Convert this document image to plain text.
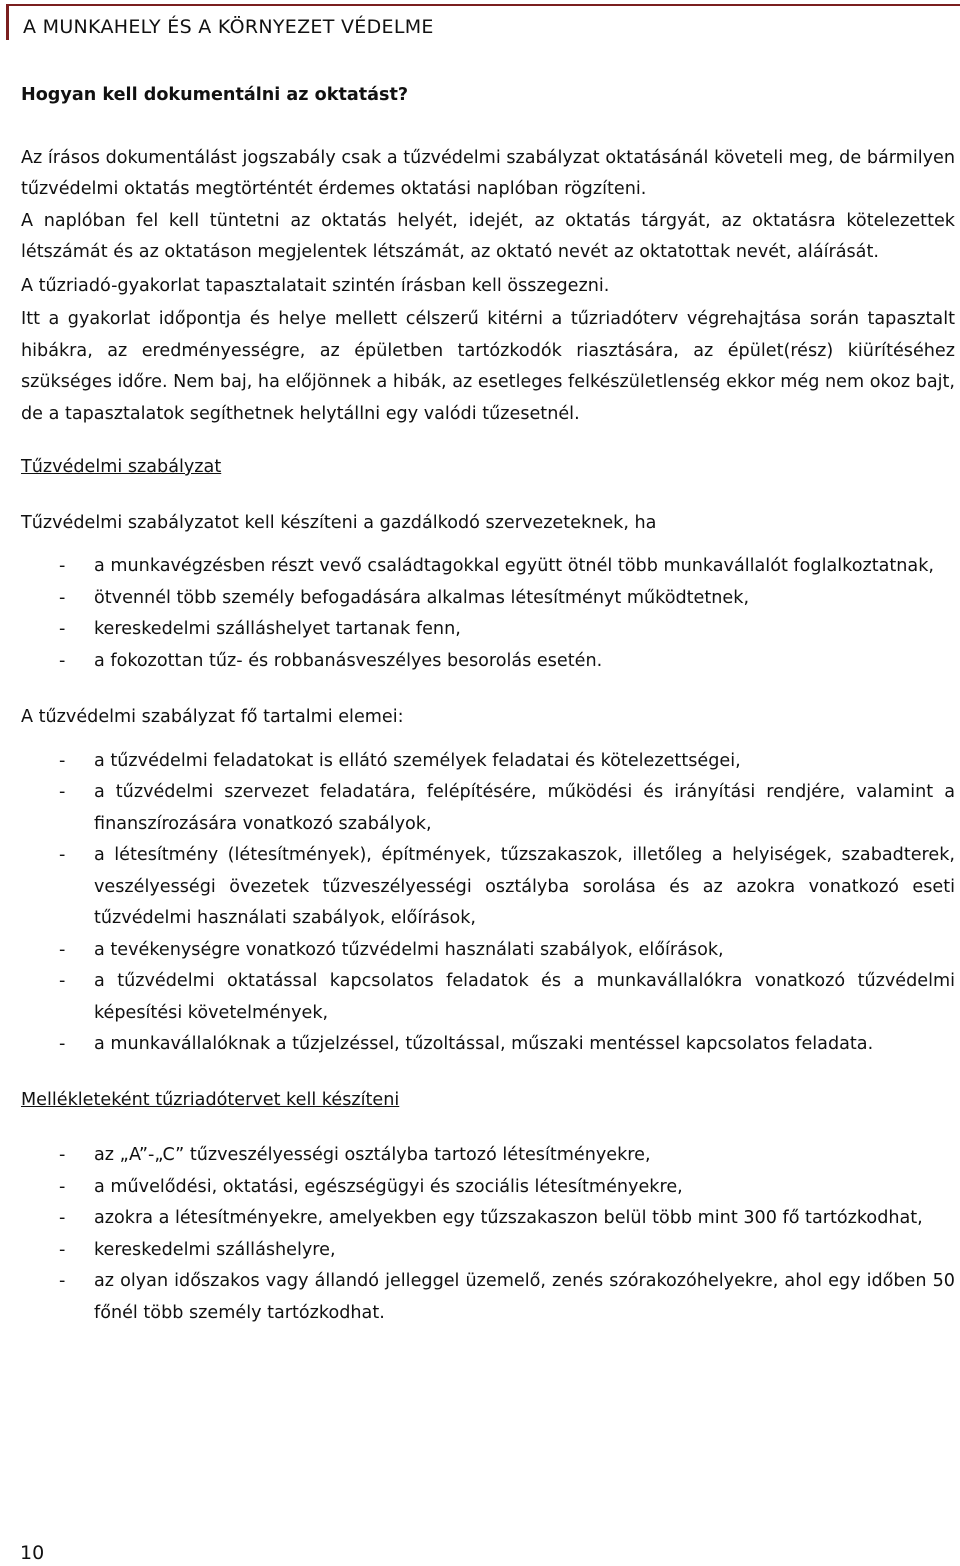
A MUNKAHELY ÉS A KÖRNYEZET VÉDELME

Hogyan kell dokumentálni az oktatást?

Az írásos dokumentálást jogszabály csak a tűzvédelmi szabályzat oktatásánál követeli meg, de bármilyen tűzvédelmi oktatás megtörténtét érdemes oktatási naplóban rögzíteni.

A naplóban fel kell tüntetni az oktatás helyét, idejét, az oktatás tárgyát, az oktatásra kötelezettek létszámát és az oktatáson megjelentek létszámát, az oktató nevét az oktatottak nevét, aláírását.

A tűzriadó-gyakorlat tapasztalatait szintén írásban kell összegezni.

Itt a gyakorlat időpontja és helye mellett célszerű kitérni a tűzriadóterv végrehajtása során tapasztalt hibákra, az eredményességre, az épületben tartózkodók riasztására, az épület(rész) kiürítéséhez szükséges időre. Nem baj, ha előjönnek a hibák, az esetleges felkészületlenség ekkor még nem okoz bajt, de a tapasztalatok segíthetnek helytállni egy valódi tűzesetnél.

Tűzvédelmi szabályzat

Tűzvédelmi szabályzatot kell készíteni a gazdálkodó szervezeteknek, ha

- a munkavégzésben részt vevő családtagokkal együtt ötnél több munkavállalót foglalkoztatnak,
- ötvennél több személy befogadására alkalmas létesítményt működtetnek,
- kereskedelmi szálláshelyet tartanak fenn,
- a fokozottan tűz- és robbanásveszélyes besorolás esetén.

A tűzvédelmi szabályzat fő tartalmi elemei:

- a tűzvédelmi feladatokat is ellátó személyek feladatai és kötelezettségei,
- a tűzvédelmi szervezet feladatára, felépítésére, működési és irányítási rendjére, valamint a finanszírozására vonatkozó szabályok,
- a létesítmény (létesítmények), építmények, tűzszakaszok, illetőleg a helyiségek, szabadterek, veszélyességi övezetek tűzveszélyességi osztályba sorolása és az azokra vonatkozó eseti tűzvédelmi használati szabályok, előírások,
- a tevékenységre vonatkozó tűzvédelmi használati szabályok, előírások,
- a tűzvédelmi oktatással kapcsolatos feladatok és a munkavállalókra vonatkozó tűzvédelmi képesítési követelmények,
- a munkavállalóknak a tűzjelzéssel, tűzoltással, műszaki mentéssel kapcsolatos feladata.

Mellékleteként tűzriadótervet kell készíteni

- az „A”-„C” tűzveszélyességi osztályba tartozó létesítményekre,
- a művelődési, oktatási, egészségügyi és szociális létesítményekre,
- azokra a létesítményekre, amelyekben egy tűzszakaszon belül több mint 300 fő tartózkodhat,
- kereskedelmi szálláshelyre,
- az olyan időszakos vagy állandó jelleggel üzemelő, zenés szórakozóhelyekre, ahol egy időben 50 főnél több személy tartózkodhat.
10
